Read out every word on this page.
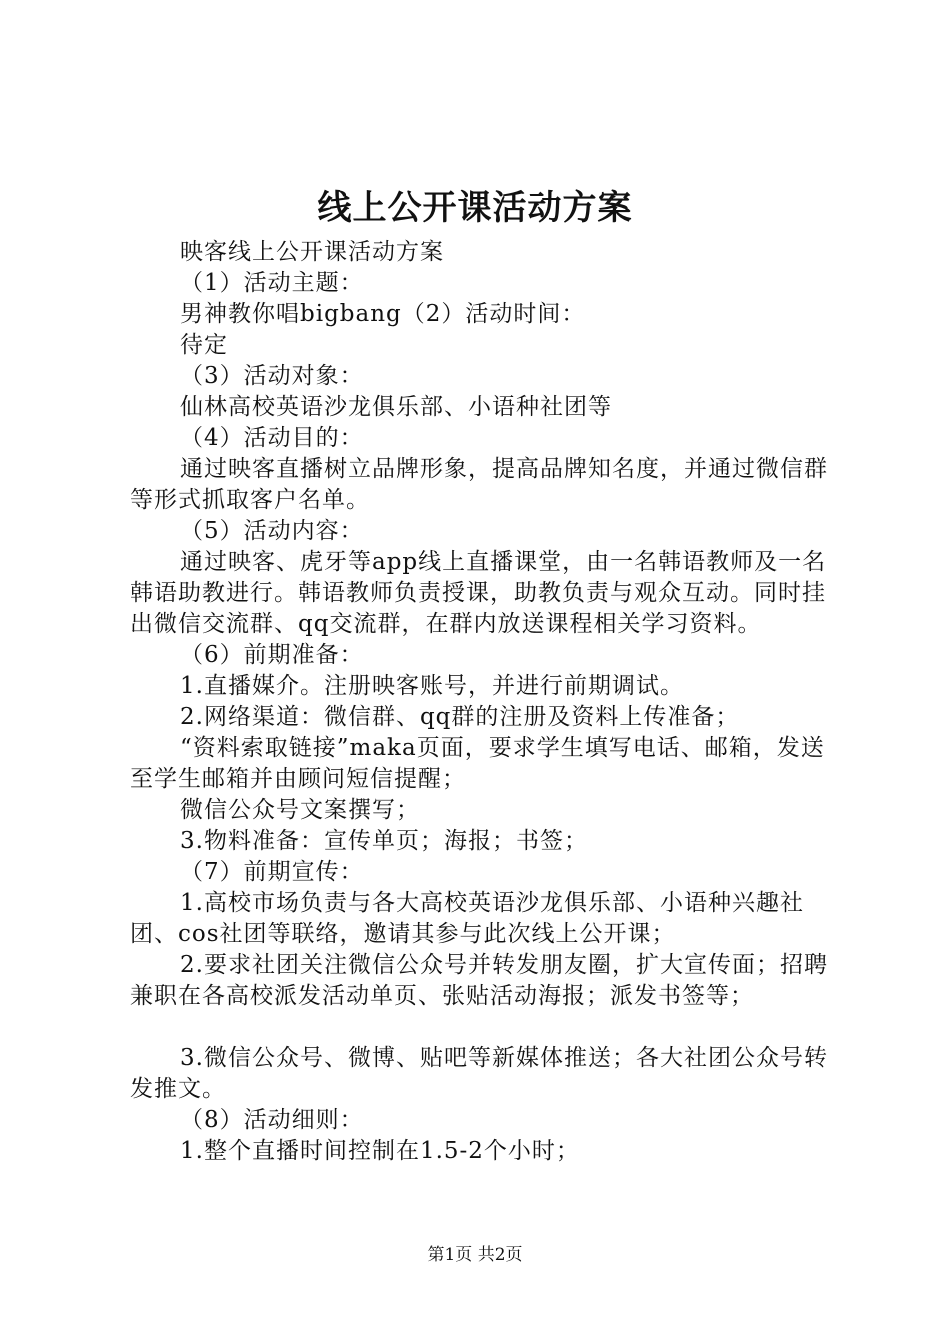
线上公开课活动方案

映客线上公开课活动方案

（1）活动主题：

男神教你唱bigbang（2）活动时间：

待定

（3）活动对象：

仙林高校英语沙龙俱乐部、小语种社团等

（4）活动目的：

通过映客直播树立品牌形象，提高品牌知名度，并通过微信群等形式抓取客户名单。

（5）活动内容：

通过映客、虎牙等app线上直播课堂，由一名韩语教师及一名韩语助教进行。韩语教师负责授课，助教负责与观众互动。同时挂出微信交流群、qq交流群，在群内放送课程相关学习资料。

（6）前期准备：

1.直播媒介。注册映客账号，并进行前期调试。

2.网络渠道：微信群、qq群的注册及资料上传准备；

“资料索取链接”maka页面，要求学生填写电话、邮箱，发送至学生邮箱并由顾问短信提醒；

微信公众号文案撰写；

3.物料准备：宣传单页；海报；书签；

（7）前期宣传：

1.高校市场负责与各大高校英语沙龙俱乐部、小语种兴趣社团、cos社团等联络，邀请其参与此次线上公开课；

2.要求社团关注微信公众号并转发朋友圈，扩大宣传面；招聘兼职在各高校派发活动单页、张贴活动海报；派发书签等；

3.微信公众号、微博、贴吧等新媒体推送；各大社团公众号转发推文。

（8）活动细则：

1.整个直播时间控制在1.5-2个小时；

第1页 共2页
